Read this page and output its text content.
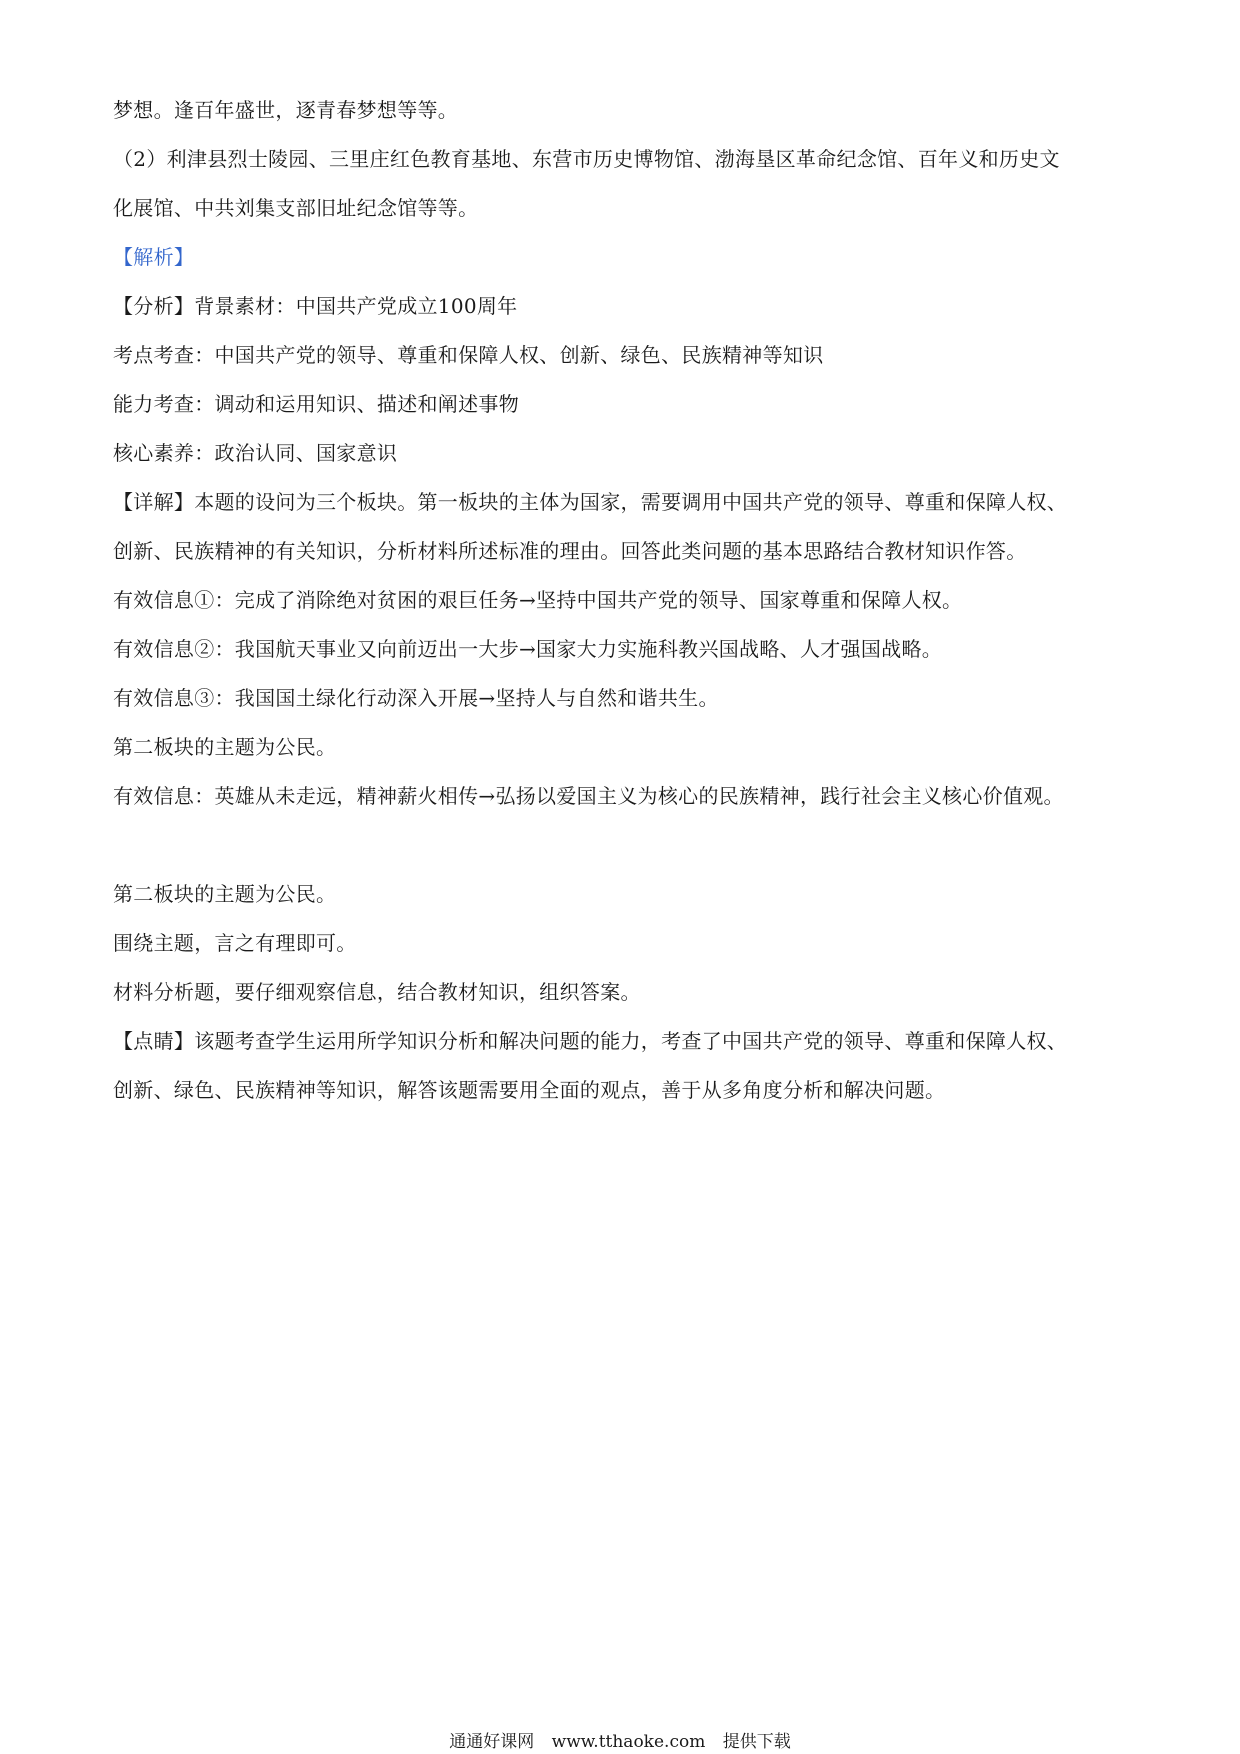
梦想。逢百年盛世，逐青春梦想等等。
（2）利津县烈士陵园、三里庄红色教育基地、东营市历史博物馆、渤海垦区革命纪念馆、百年义和历史文
化展馆、中共刘集支部旧址纪念馆等等。
【解析】
【分析】背景素材：中国共产党成立100周年
考点考查：中国共产党的领导、尊重和保障人权、创新、绿色、民族精神等知识
能力考查：调动和运用知识、描述和阐述事物
核心素养：政治认同、国家意识
【详解】本题的设问为三个板块。第一板块的主体为国家，需要调用中国共产党的领导、尊重和保障人权、
创新、民族精神的有关知识，分析材料所述标准的理由。回答此类问题的基本思路结合教材知识作答。
有效信息①：完成了消除绝对贫困的艰巨任务→坚持中国共产党的领导、国家尊重和保障人权。
有效信息②：我国航天事业又向前迈出一大步→国家大力实施科教兴国战略、人才强国战略。
有效信息③：我国国土绿化行动深入开展→坚持人与自然和谐共生。
第二板块的主题为公民。
有效信息：英雄从未走远，精神薪火相传→弘扬以爱国主义为核心的民族精神，践行社会主义核心价值观。
第二板块的主题为公民。
围绕主题，言之有理即可。
材料分析题，要仔细观察信息，结合教材知识，组织答案。
【点睛】该题考查学生运用所学知识分析和解决问题的能力，考查了中国共产党的领导、尊重和保障人权、
创新、绿色、民族精神等知识，解答该题需要用全面的观点，善于从多角度分析和解决问题。
通通好课网 www.tthaoke.com 提供下载
